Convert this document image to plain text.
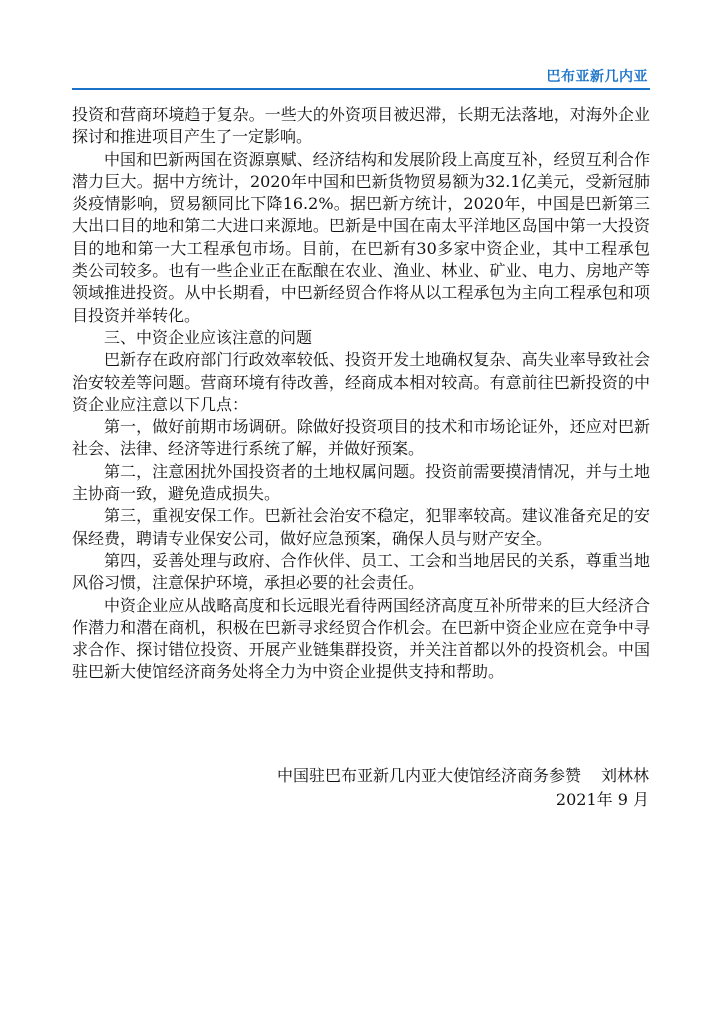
巴布亚新几内亚

投资和营商环境趋于复杂。一些大的外资项目被迟滞，长期无法落地，对海外企业探讨和推进项目产生了一定影响。

中国和巴新两国在资源禀赋、经济结构和发展阶段上高度互补，经贸互利合作潜力巨大。据中方统计，2020年中国和巴新货物贸易额为32.1亿美元，受新冠肺炎疫情影响，贸易额同比下降16.2%。据巴新方统计，2020年，中国是巴新第三大出口目的地和第二大进口来源地。巴新是中国在南太平洋地区岛国中第一大投资目的地和第一大工程承包市场。目前，在巴新有30多家中资企业，其中工程承包类公司较多。也有一些企业正在酝酿在农业、渔业、林业、矿业、电力、房地产等领域推进投资。从中长期看，中巴新经贸合作将从以工程承包为主向工程承包和项目投资并举转化。

三、中资企业应该注意的问题

巴新存在政府部门行政效率较低、投资开发土地确权复杂、高失业率导致社会治安较差等问题。营商环境有待改善，经商成本相对较高。有意前往巴新投资的中资企业应注意以下几点：

第一，做好前期市场调研。除做好投资项目的技术和市场论证外，还应对巴新社会、法律、经济等进行系统了解，并做好预案。

第二，注意困扰外国投资者的土地权属问题。投资前需要摸清情况，并与土地主协商一致，避免造成损失。

第三，重视安保工作。巴新社会治安不稳定，犯罪率较高。建议准备充足的安保经费，聘请专业保安公司，做好应急预案，确保人员与财产安全。

第四，妥善处理与政府、合作伙伴、员工、工会和当地居民的关系，尊重当地风俗习惯，注意保护环境，承担必要的社会责任。

中资企业应从战略高度和长远眼光看待两国经济高度互补所带来的巨大经济合作潜力和潜在商机，积极在巴新寻求经贸合作机会。在巴新中资企业应在竞争中寻求合作、探讨错位投资、开展产业链集群投资，并关注首都以外的投资机会。中国驻巴新大使馆经济商务处将全力为中资企业提供支持和帮助。

中国驻巴布亚新几内亚大使馆经济商务参赞 刘林林
2021年 9 月
